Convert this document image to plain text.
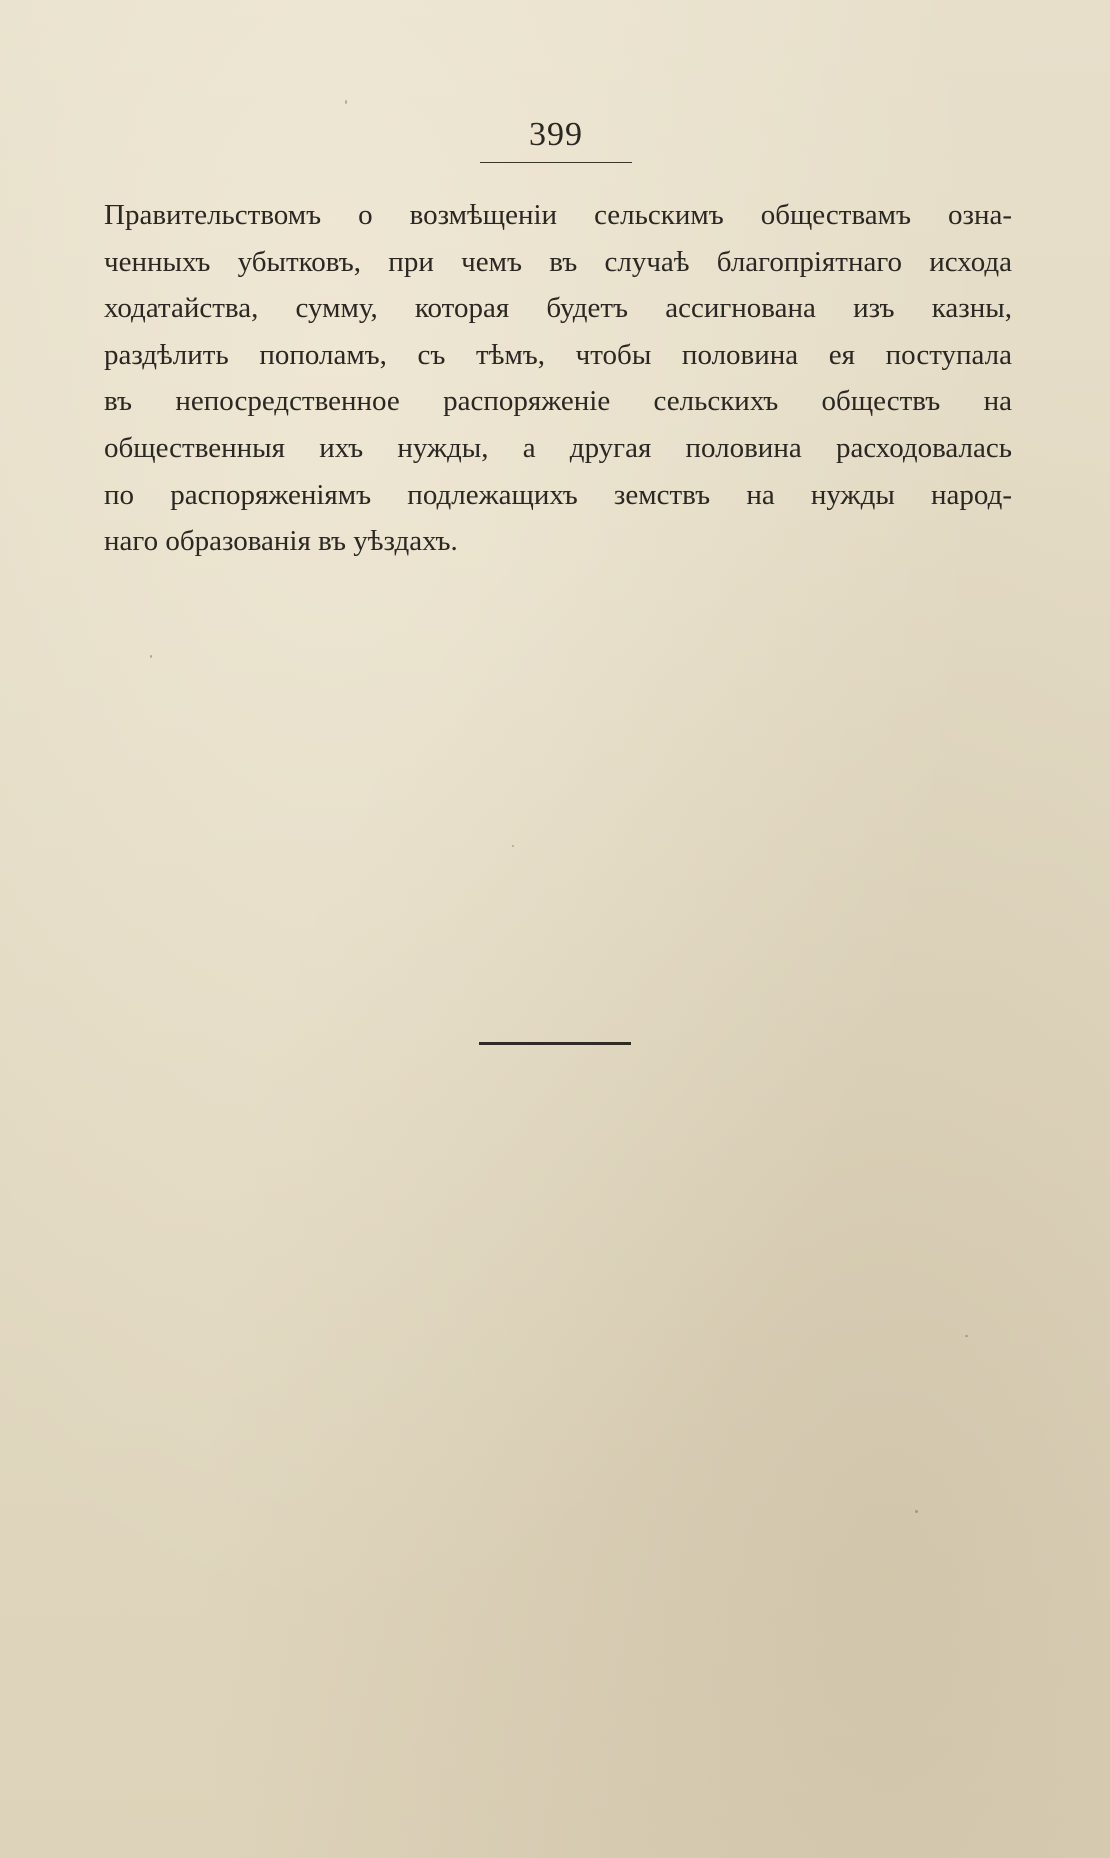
399

Правительствомъ о возмѣщеніи сельскимъ обществамъ озна-
ченныхъ убытковъ, при чемъ въ случаѣ благопріятнаго исхода
ходатайства, сумму, которая будетъ ассигнована изъ казны,
раздѣлить пополамъ, съ тѣмъ, чтобы половина ея поступала
въ непосредственное распоряженіе сельскихъ обществъ на
общественныя ихъ нужды, а другая половина расходовалась
по распоряженіямъ подлежащихъ земствъ на нужды народ-
наго образованія въ уѣздахъ.
